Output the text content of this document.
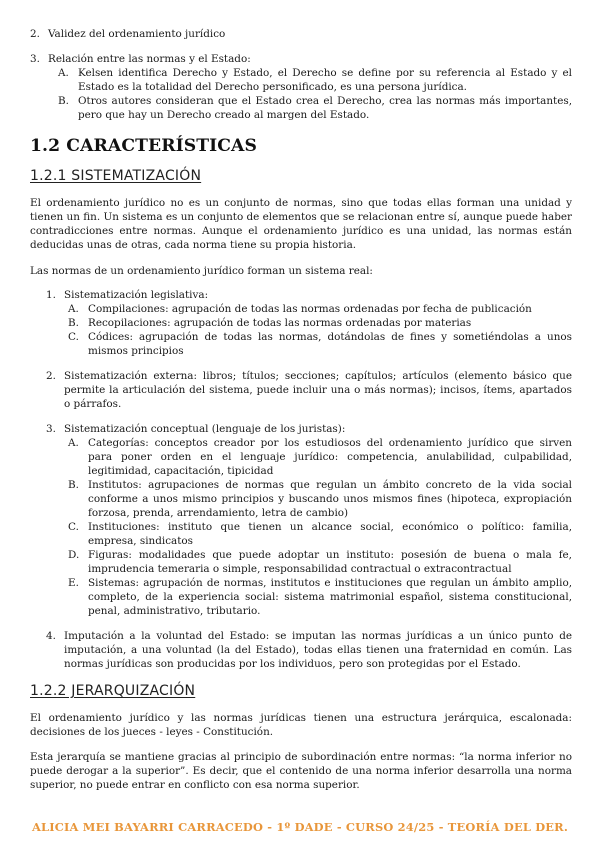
2. Validez del ordenamiento jurídico
3. Relación entre las normas y el Estado:
A. Kelsen identifica Derecho y Estado, el Derecho se define por su referencia al Estado y el Estado es la totalidad del Derecho personificado, es una persona jurídica.
B. Otros autores consideran que el Estado crea el Derecho, crea las normas más importantes, pero que hay un Derecho creado al margen del Estado.
1.2 CARACTERÍSTICAS
1.2.1 SISTEMATIZACIÓN

El ordenamiento jurídico no es un conjunto de normas, sino que todas ellas forman una unidad y tienen un fin. Un sistema es un conjunto de elementos que se relacionan entre sí, aunque puede haber contradicciones entre normas. Aunque el ordenamiento jurídico es una unidad, las normas están deducidas unas de otras, cada norma tiene su propia historia.

Las normas de un ordenamiento jurídico forman un sistema real:

1. Sistematización legislativa:
A. Compilaciones: agrupación de todas las normas ordenadas por fecha de publicación
B. Recopilaciones: agrupación de todas las normas ordenadas por materias
C. Códices: agrupación de todas las normas, dotándolas de fines y sometiéndolas a unos mismos principios
2. Sistematización externa: libros; títulos; secciones; capítulos; artículos (elemento básico que permite la articulación del sistema, puede incluir una o más normas); incisos, ítems, apartados o párrafos.
3. Sistematización conceptual (lenguaje de los juristas):
A. Categorías: conceptos creador por los estudiosos del ordenamiento jurídico que sirven para poner orden en el lenguaje jurídico: competencia, anulabilidad, culpabilidad, legitimidad, capacitación, tipicidad
B. Institutos: agrupaciones de normas que regulan un ámbito concreto de la vida social conforme a unos mismo principios y buscando unos mismos fines (hipoteca, expropiación forzosa, prenda, arrendamiento, letra de cambio)
C. Instituciones: instituto que tienen un alcance social, económico o político: familia, empresa, sindicatos
D. Figuras: modalidades que puede adoptar un instituto: posesión de buena o mala fe, imprudencia temeraria o simple, responsabilidad contractual o extracontractual
E. Sistemas: agrupación de normas, institutos e instituciones que regulan un ámbito amplio, completo, de la experiencia social: sistema matrimonial español, sistema constitucional, penal, administrativo, tributario.
4. Imputación a la voluntad del Estado: se imputan las normas jurídicas a un único punto de imputación, a una voluntad (la del Estado), todas ellas tienen una fraternidad en común. Las normas jurídicas son producidas por los individuos, pero son protegidas por el Estado.
1.2.2 JERARQUIZACIÓN

El ordenamiento jurídico y las normas jurídicas tienen una estructura jerárquica, escalonada: decisiones de los jueces - leyes - Constitución.

Esta jerarquía se mantiene gracias al principio de subordinación entre normas: “la norma inferior no puede derogar a la superior”. Es decir, que el contenido de una norma inferior desarrolla una norma superior, no puede entrar en conflicto con esa norma superior.

ALICIA MEI BAYARRI CARRACEDO - 1º DADE - CURSO 24/25 - TEORÍA DEL DER.
